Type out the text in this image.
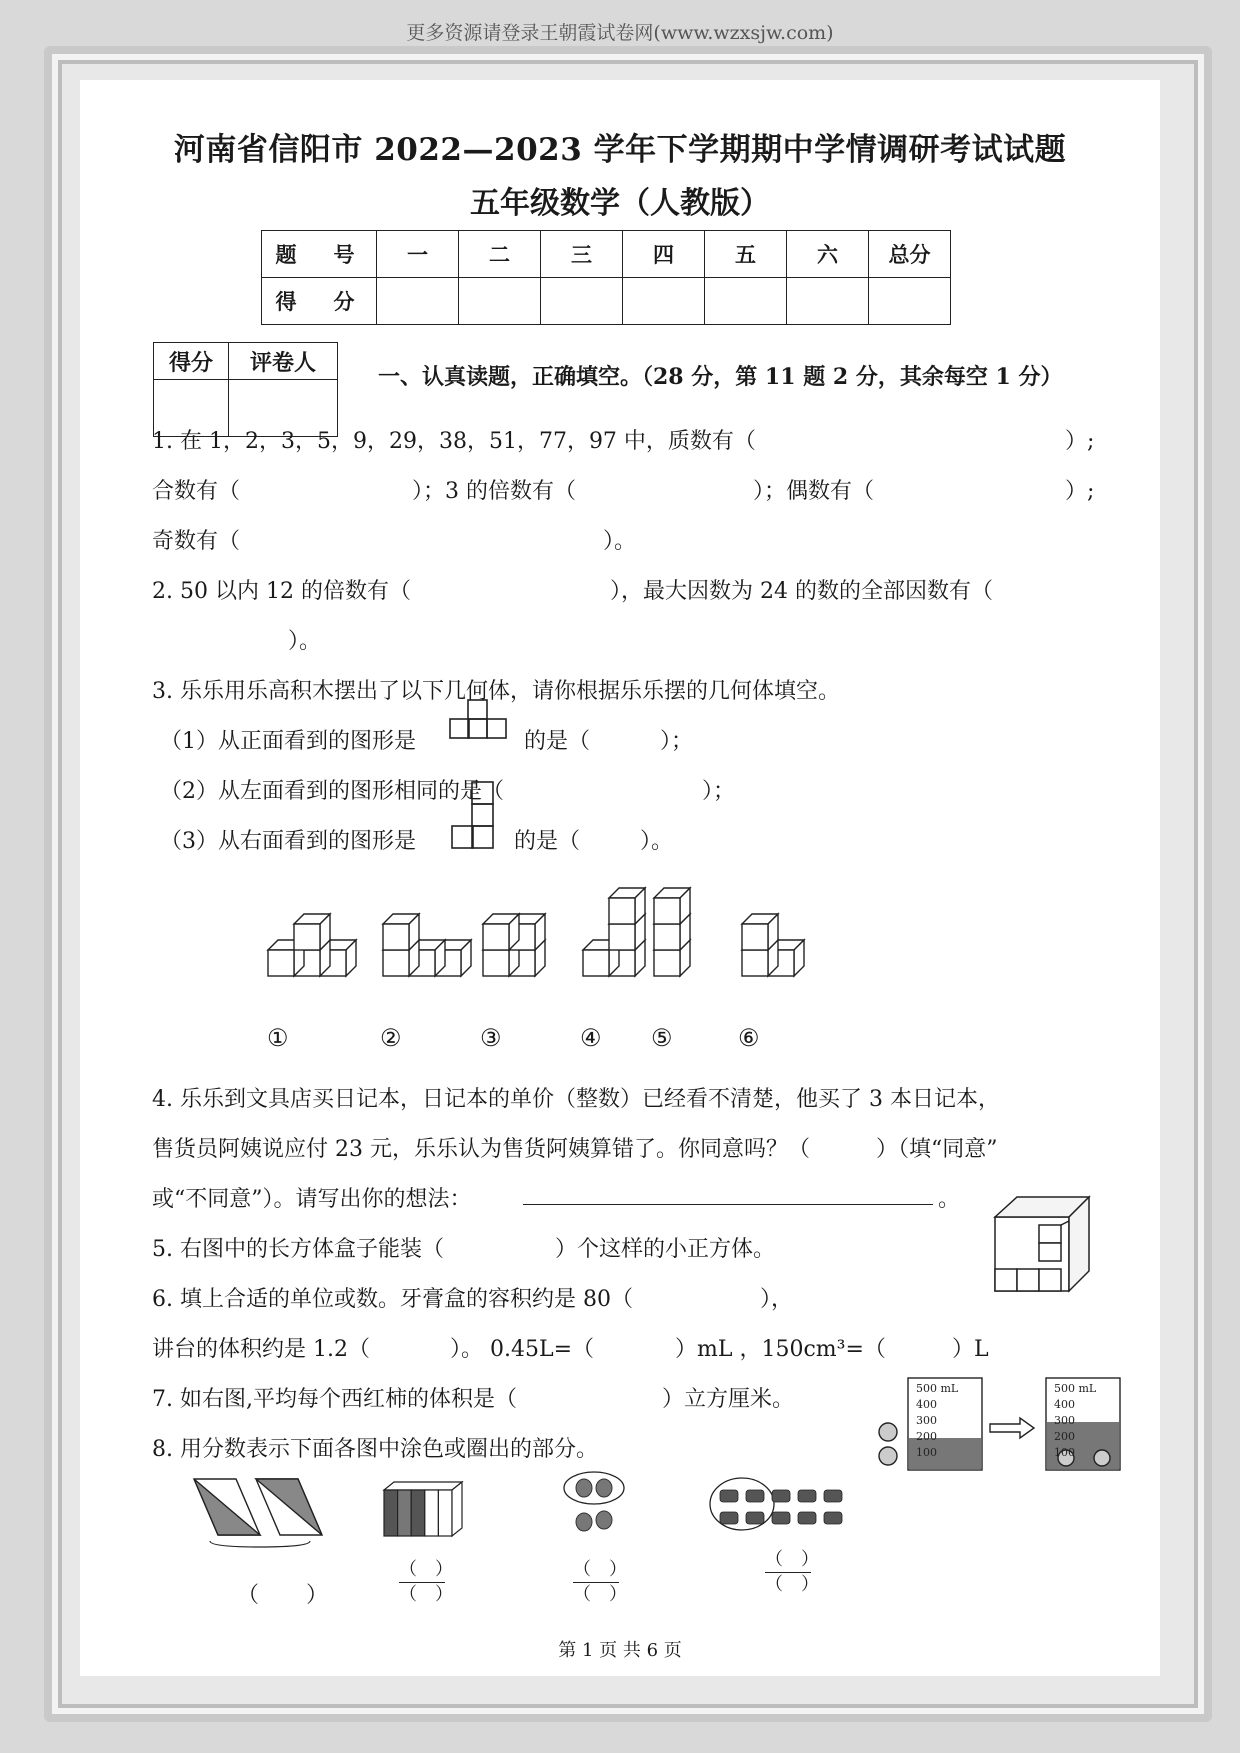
更多资源请登录王朝霞试卷网(www.wzxsjw.com)
河南省信阳市 2022—2023 学年下学期期中学情调研考试试题
五年级数学（人教版）
题　号	一	二	三	四	五	六	总分
得　分							
得分	评卷人

一、认真读题，正确填空。（28 分，第 11 题 2 分，其余每空 1 分）
1. 在 1，2，3，5，9，29，38，51，77，97 中，质数有（	）;
合数有（	）；3 的倍数有（	）；偶数有（	）;
奇数有（	）。
2. 50 以内 12 的倍数有（	），最大因数为 24 的数的全部因数有（
）。
3. 乐乐用乐高积木摆出了以下几何体，请你根据乐乐摆的几何体填空。
（1）从正面看到的图形是	的是（	）；
（2）从左面看到的图形相同的是（	）；
（3）从右面看到的图形是	的是（	）。
①	②	③	④ ⑤	⑥
4. 乐乐到文具店买日记本，日记本的单价（整数）已经看不清楚，他买了 3 本日记本，
售货员阿姨说应付 23 元，乐乐认为售货阿姨算错了。你同意吗？（　　　）（填“同意”
或“不同意”）。请写出你的想法：	。
5. 右图中的长方体盒子能装（	）个这样的小正方体。
6. 填上合适的单位或数。牙膏盒的容积约是 80（	），
讲台的体积约是 1.2（	）。 0.45L=（	）mL ，150cm³=（	）L
7. 如右图,平均每个西红柿的体积是（	）立方厘米。	500 mL
400
300
200
100
500 mL
400
300
200
100
8. 用分数表示下面各图中涂色或圈出的部分。
（ ）
（  ）
（  ）
（  ）
（  ）
（  ）
（  ）
第 1 页 共 6 页
